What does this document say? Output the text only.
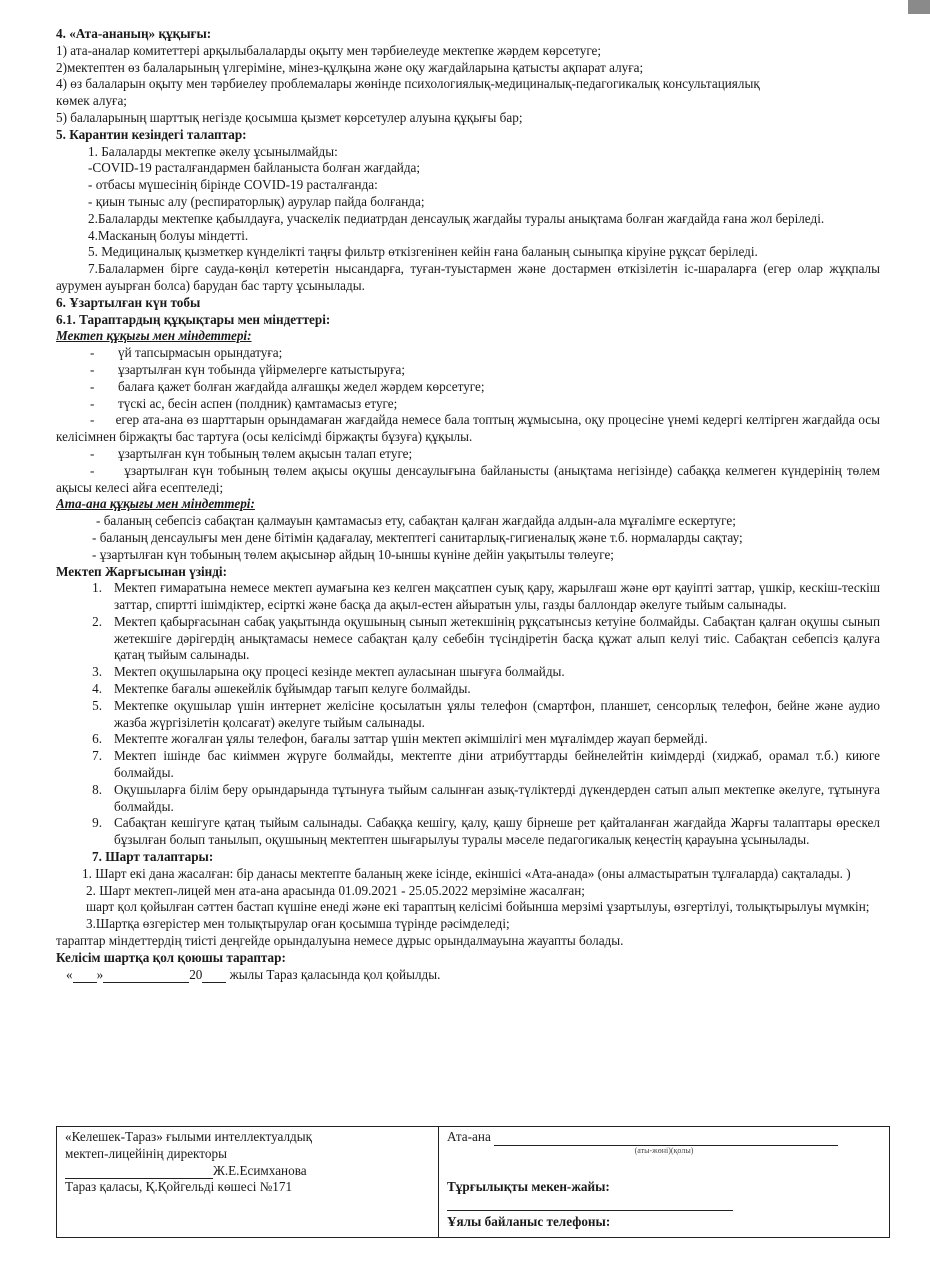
4. «Ата-ананың» құқығы:

1) ата-аналар комитеттері арқылыбалаларды оқыту мен тәрбиелеуде мектепке жәрдем көрсетуге;

2)мектептен өз балаларының үлгеріміне, мінез-құлқына және оқу жағдайларына қатысты ақпарат алуға;

4) өз балаларын оқыту мен тәрбиелеу проблемалары жөнінде психологиялық-медициналық-педагогикалық консультациялық

көмек алуға;

5) балаларының шарттық негізде қосымша қызмет көрсетулер алуына құқығы бар;

5. Карантин кезіндегі талаптар:

1. Балаларды мектепке әкелу ұсынылмайды:

-COVID-19 расталғандармен байланыста болған жағдайда;

- отбасы мүшесінің бірінде COVID-19 расталғанда:

- қиын тыныс алу (респираторлық) аурулар пайда болғанда;

2.Балаларды мектепке қабылдауға, учаскелік педиатрдан денсаулық жағдайы туралы анықтама болған жағдайда ғана жол беріледі.

4.Масканың болуы міндетті.

5. Медициналық қызметкер күнделікті таңғы фильтр өткізгенінен кейін ғана баланың сыныпқа кіруіне рұқсат беріледі.

7.Балалармен бірге сауда-көңіл көтеретін нысандарға, туған-туыстармен және достармен өткізілетін іс-шараларға (егер олар жұқпалы аурумен ауырған болса) барудан бас тарту ұсынылады.

6. Ұзартылған күн тобы

6.1. Тараптардың құқықтары мен міндеттері:

Мектеп құқығы мен міндеттері:

-	үй тапсырмасын орындатуға;
-	ұзартылған күн тобында үйірмелерге катыстыруға;
-	балаға қажет болған жағдайда алғашқы жедел жәрдем көрсетуге;
-	түскі ас, бесін аспен (полдник) қамтамасыз етуге;

-      егер ата-ана өз шарттарын орындамаған жағдайда немесе бала топтың жұмысына, оқу процесіне үнемі кедергі келтірген жағдайда осы келісімнен біржақты бас тартуға (осы келісімді біржақты бұзуға) құқылы.

-	ұзартылған күн тобының төлем ақысын талап етуге;

-      ұзартылған күн тобының төлем ақысы оқушы денсаулығына байланысты (анықтама негізінде) сабаққа келмеген күндерінің төлем ақысы келесі айға есептеледі;

Ата-ана құқығы мен міндеттері:

- баланың себепсіз сабақтан қалмауын қамтамасыз ету, сабақтан қалған жағдайда алдын-ала мұғалімге ескертуге;

- баланың денсаулығы мен дене бітімін қадағалау, мектептегі санитарлық-гигиеналық және т.б. нормаларды сақтау;

- ұзартылған күн тобының төлем ақысынәр айдың 10-ыншы күніне дейін уақытылы төлеуге;

Мектеп Жарғысынан үзінді:

1. Мектеп ғимаратына немесе мектеп аумағына кез келген мақсатпен суық қару, жарылғаш және өрт қауіпті заттар, үшкір, кескіш-тескіш заттар, спиртті ішімдіктер, есірткі және басқа да ақыл-естен айыратын улы, газды баллондар әкелуге тыйым салынады.
2. Мектеп қабырғасынан сабақ уақытында оқушының сынып жетекшінің рұқсатынсыз кетуіне болмайды. Сабақтан қалған оқушы сынып жетекшіге дәрігердің анықтамасы немесе сабақтан қалу себебін түсіндіретін басқа құжат алып келуі тиіс. Сабақтан себепсіз қалуға қатаң тыйым салынады.
3. Мектеп оқушыларына оқу процесі кезінде мектеп ауласынан шығуға болмайды.
4. Мектепке бағалы әшекейлік бұйымдар тағып келуге болмайды.
5. Мектепке оқушылар үшін интернет желісіне қосылатын ұялы телефон (смартфон, планшет, сенсорлық телефон, бейне және аудио жазба жүргізілетін қолсағат) әкелуге тыйым салынады.
6. Мектепте жоғалған ұялы телефон, бағалы заттар үшін мектеп әкімшілігі мен мұғалімдер жауап бермейді.
7. Мектеп ішінде бас киіммен жүруге болмайды, мектепте діни атрибуттарды бейнелейтін киімдерді (хиджаб, орамал т.б.) киюге болмайды.
8. Оқушыларға білім беру орындарында тұтынуға тыйым салынған азық-түліктерді дүкендерден сатып алып мектепке әкелуге, тұтынуға болмайды.
9. Сабақтан кешігуге қатаң тыйым салынады. Сабаққа кешігу, қалу, қашу бірнеше рет қайталанған жағдайда Жарғы талаптары өрескел бұзылған болып танылып, оқушының мектептен шығарылуы туралы мәселе педагогикалық кеңестің қарауына ұсынылады.

7. Шарт талаптары:

1. Шарт екі дана жасалған: бір данасы мектепте баланың жеке ісінде, екіншісі «Ата-анада» (оны алмастыратын тұлғаларда) сақталады. )

2. Шарт мектеп-лицей мен ата-ана арасында 01.09.2021 - 25.05.2022 мерзіміне жасалған;

шарт қол қойылған сәттен бастап күшіне енеді және екі тараптың келісімі бойынша мерзімі ұзартылуы, өзгертілуі, толықтырылуы мүмкін;

3.Шартқа өзгерістер мен толықтырулар оған қосымша түрінде рәсімделеді;

тараптар міндеттердің тиісті деңгейде орындалуына немесе дұрыс орындалмауына жауапты болады.

Келісім шартқа қол қоюшы тараптар:

« »	20 жылы Тараз қаласында қол қойылды.

«Келешек-Тараз» ғылыми интеллектуалдық
мектеп-лицейінің директоры
Ж.Е.Есимханова
Тараз қаласы, Қ.Қойгельді көшесі №171
Ата-ана
(аты-жөні)(қолы)
Тұрғылықты мекен-жайы:
Ұялы байланыс телефоны:
